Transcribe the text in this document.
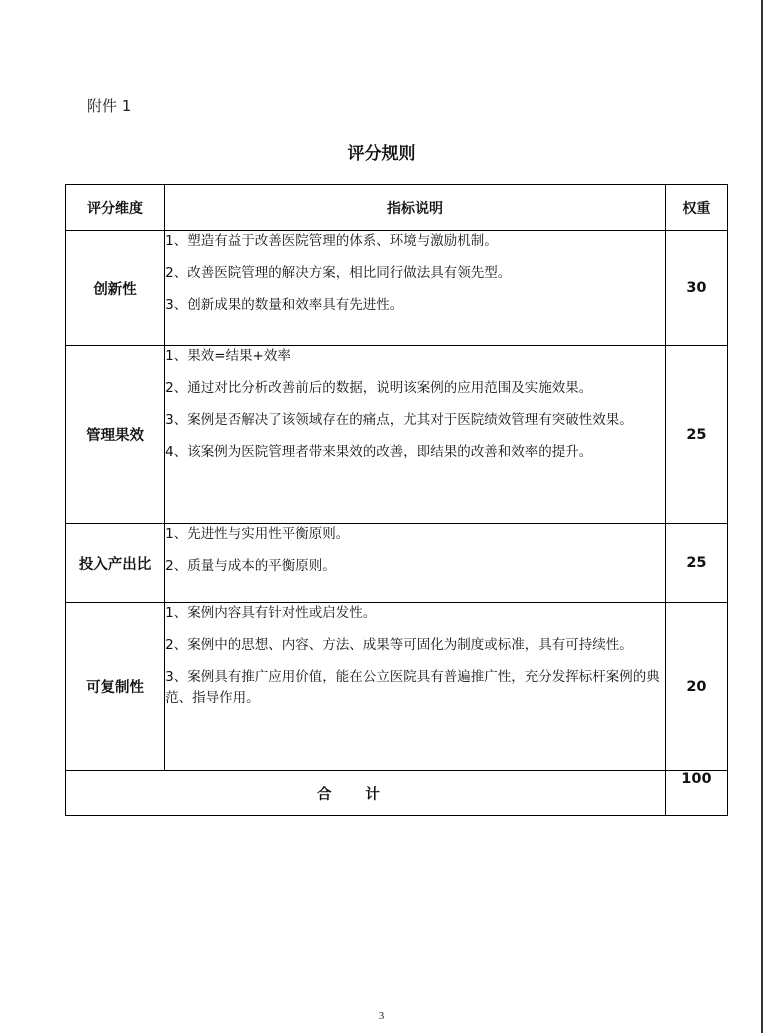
附件 1
评分规则
评分维度	指标说明	权重
创新性	1、塑造有益于改善医院管理的体系、环境与激励机制。

2、改善医院管理的解决方案，相比同行做法具有领先型。

3、创新成果的数量和效率具有先进性。	30
管理果效	1、果效=结果+效率

2、通过对比分析改善前后的数据，说明该案例的应用范围及实施效果。

3、案例是否解决了该领域存在的痛点，尤其对于医院绩效管理有突破性效果。

4、该案例为医院管理者带来果效的改善，即结果的改善和效率的提升。	25
投入产出比	1、先进性与实用性平衡原则。

2、质量与成本的平衡原则。	25
可复制性	1、案例内容具有针对性或启发性。

2、案例中的思想、内容、方法、成果等可固化为制度或标准，具有可持续性。

3、案例具有推广应用价值，能在公立医院具有普遍推广性，充分发挥标杆案例的典范、指导作用。	20
合计		100
3
